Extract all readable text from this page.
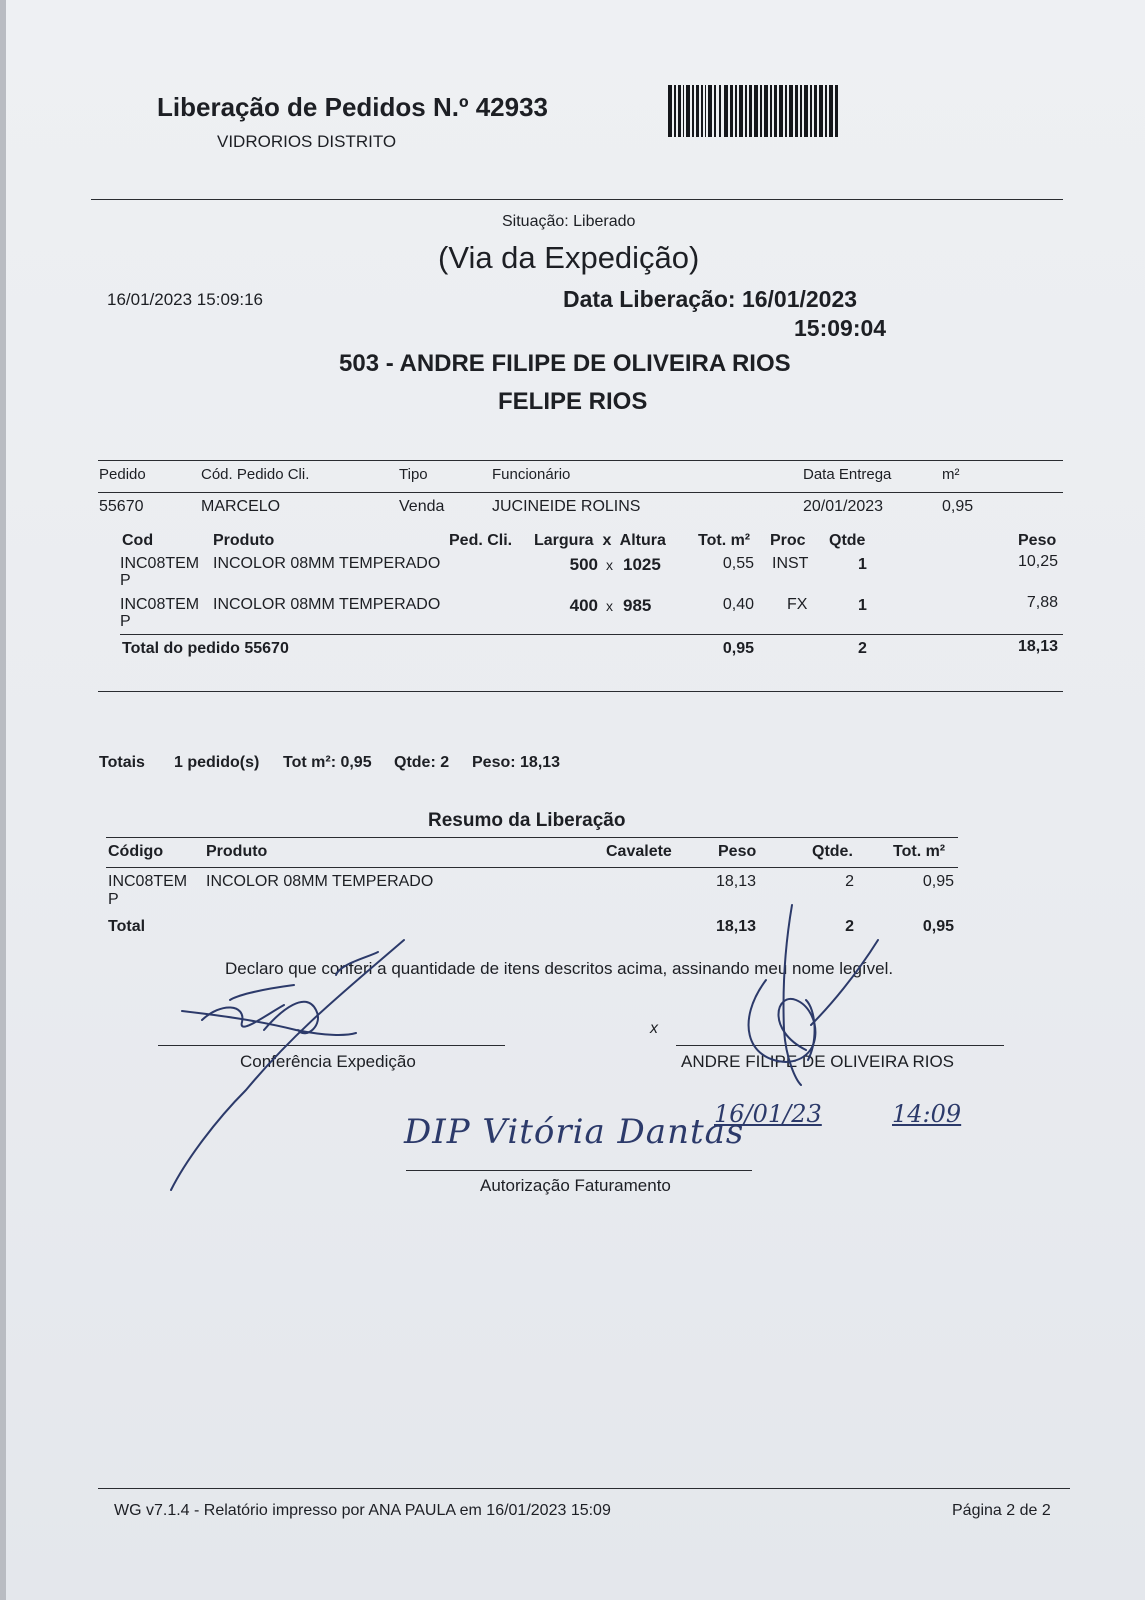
Liberação de Pedidos N.º 42933
VIDRORIOS DISTRITO
Situação: Liberado
(Via da Expedição)
16/01/2023 15:09:16	Data Liberação: 16/01/2023
15:09:04
503 - ANDRE FILIPE DE OLIVEIRA RIOS
FELIPE RIOS
Pedido	Cód. Pedido Cli.	Tipo	Funcionário	Data Entrega	m²
55670	MARCELO	Venda	JUCINEIDE ROLINS	20/01/2023	0,95
Cod	Produto	Ped. Cli. Largura  x  Altura Tot. m² Proc Qtde	Peso
INC08TEM
P
INCOLOR 08MM TEMPERADO	500 x 1025	0,55 INST	1	10,25
INC08TEM
P
INCOLOR 08MM TEMPERADO	400 x 985	0,40 FX	1	7,88
Total do pedido 55670	0,95	2	18,13
Totais 1 pedido(s) Tot m²: 0,95 Qtde: 2 Peso: 18,13
Resumo da Liberação
Código	Produto	Cavalete	Peso	Qtde.	Tot. m²
INC08TEM
P
INCOLOR 08MM TEMPERADO	18,13	2	0,95
Total	18,13	2	0,95
Declaro que conferi a quantidade de itens descritos acima, assinando meu nome legível.
Conferência Expedição
x
ANDRE FILIPE DE OLIVEIRA RIOS
Autorização Faturamento
DIP Vitória Dantas
16/01/23	14:09
WG v7.1.4 - Relatório impresso por ANA PAULA em 16/01/2023 15:09	Página 2 de 2
